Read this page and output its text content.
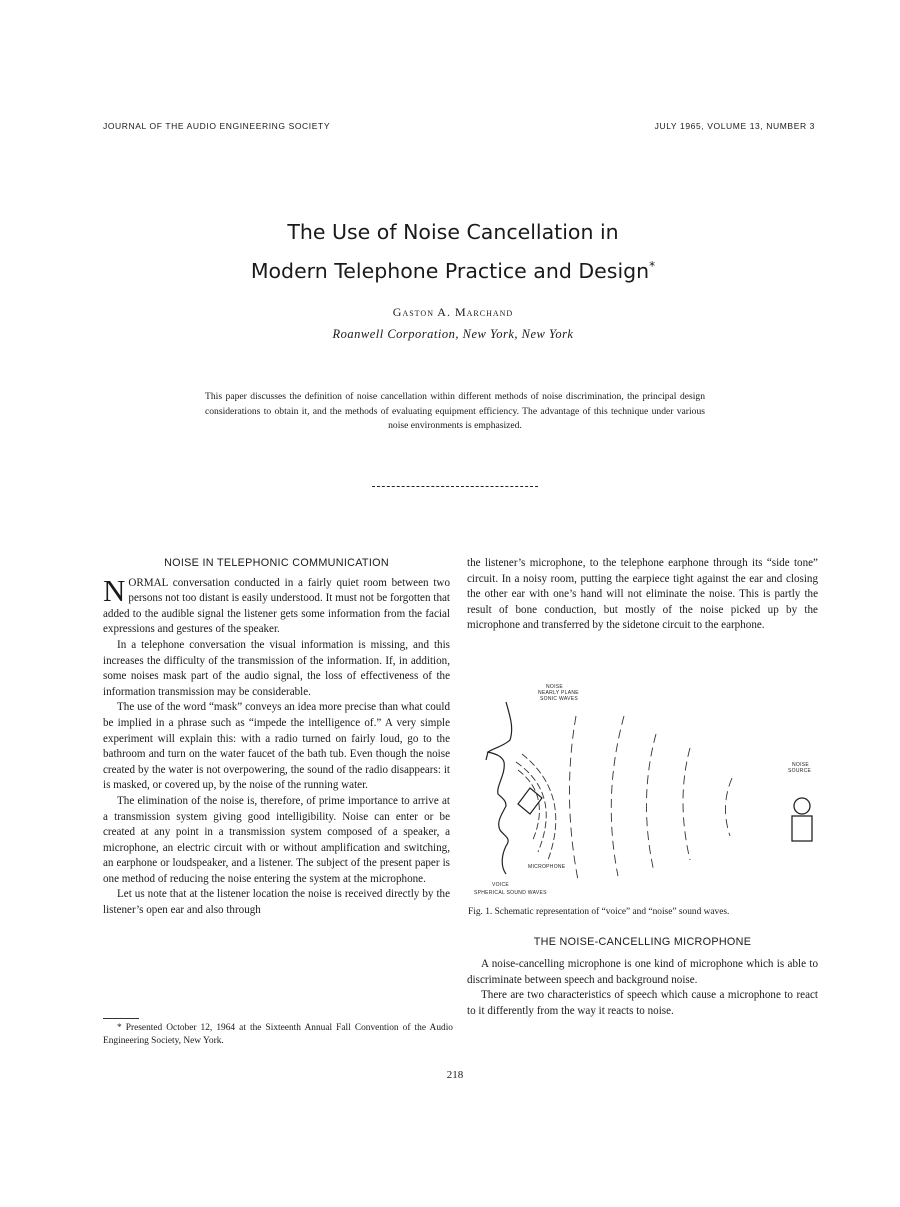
JOURNAL OF THE AUDIO ENGINEERING SOCIETY	JULY 1965, VOLUME 13, NUMBER 3
The Use of Noise Cancellation in
Modern Telephone Practice and Design*
Gaston A. Marchand
Roanwell Corporation, New York, New York
This paper discusses the definition of noise cancellation within different methods of noise discrimination, the principal design considerations to obtain it, and the methods of evaluating equipment efficiency. The advantage of this technique under various noise environments is emphasized.
NOISE IN TELEPHONIC COMMUNICATION

NORMAL conversation conducted in a fairly quiet room between two persons not too distant is easily understood. It must not be forgotten that added to the audible signal the listener gets some information from the facial expressions and gestures of the speaker.

In a telephone conversation the visual information is missing, and this increases the difficulty of the transmission of the information. If, in addition, some noises mask part of the audio signal, the loss of effectiveness of the information transmission may be considerable.

The use of the word “mask” conveys an idea more precise than what could be implied in a phrase such as “impede the intelligence of.” A very simple experiment will explain this: with a radio turned on fairly loud, go to the bathroom and turn on the water faucet of the bath tub. Even though the noise created by the water is not overpowering, the sound of the radio disappears: it is masked, or covered up, by the noise of the running water.

The elimination of the noise is, therefore, of prime importance to arrive at a transmission system giving good intelligibility. Noise can enter or be created at any point in a transmission system composed of a speaker, a microphone, an electric circuit with or without amplification and switching, an earphone or loudspeaker, and a listener. The subject of the present paper is one method of reducing the noise entering the system at the microphone.

Let us note that at the listener location the noise is received directly by the listener’s open ear and also through

* Presented October 12, 1964 at the Sixteenth Annual Fall Convention of the Audio Engineering Society, New York.

the listener’s microphone, to the telephone earphone through its “side tone” circuit. In a noisy room, putting the earpiece tight against the ear and closing the other ear with one’s hand will not eliminate the noise. This is partly the result of bone conduction, but mostly of the noise picked up by the microphone and transferred by the sidetone circuit to the earphone.

NOISE
NEARLY PLANE
SONIC WAVES
NOISE
SOURCE
MICROPHONE
VOICE
SPHERICAL SOUND WAVES
Fig. 1. Schematic representation of “voice” and “noise” sound waves.
THE NOISE-CANCELLING MICROPHONE

A noise-cancelling microphone is one kind of microphone which is able to discriminate between speech and background noise.

There are two characteristics of speech which cause a microphone to react to it differently from the way it reacts to noise.

218
